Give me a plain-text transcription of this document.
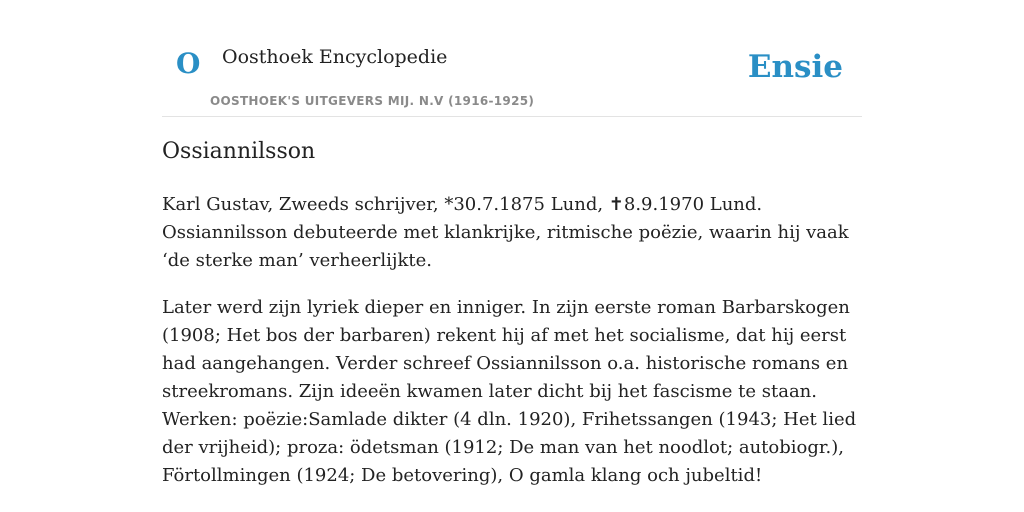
O Oosthoek Encyclopedie
OOSTHOEK'S UITGEVERS MIJ. N.V (1916-1925)
Ensie
Ossiannilsson

Karl Gustav, Zweeds schrijver, *30.7.1875 Lund, ✝8.9.1970 Lund. Ossiannilsson debuteerde met klankrijke, ritmische poëzie, waarin hij vaak ‘de sterke man’ verheerlijkte.

Later werd zijn lyriek dieper en inniger. In zijn eerste roman Barbarskogen (1908; Het bos der barbaren) rekent hij af met het socialisme, dat hij eerst had aangehangen. Verder schreef Ossiannilsson o.a. historische romans en streekromans. Zijn ideeën kwamen later dicht bij het fascisme te staan. Werken: poëzie:Samlade dikter (4 dln. 1920), Frihetssangen (1943; Het lied der vrijheid); proza: ödetsman (1912; De man van het noodlot; autobiogr.), Förtollmingen (1924; De betovering), O gamla klang och jubeltid!
